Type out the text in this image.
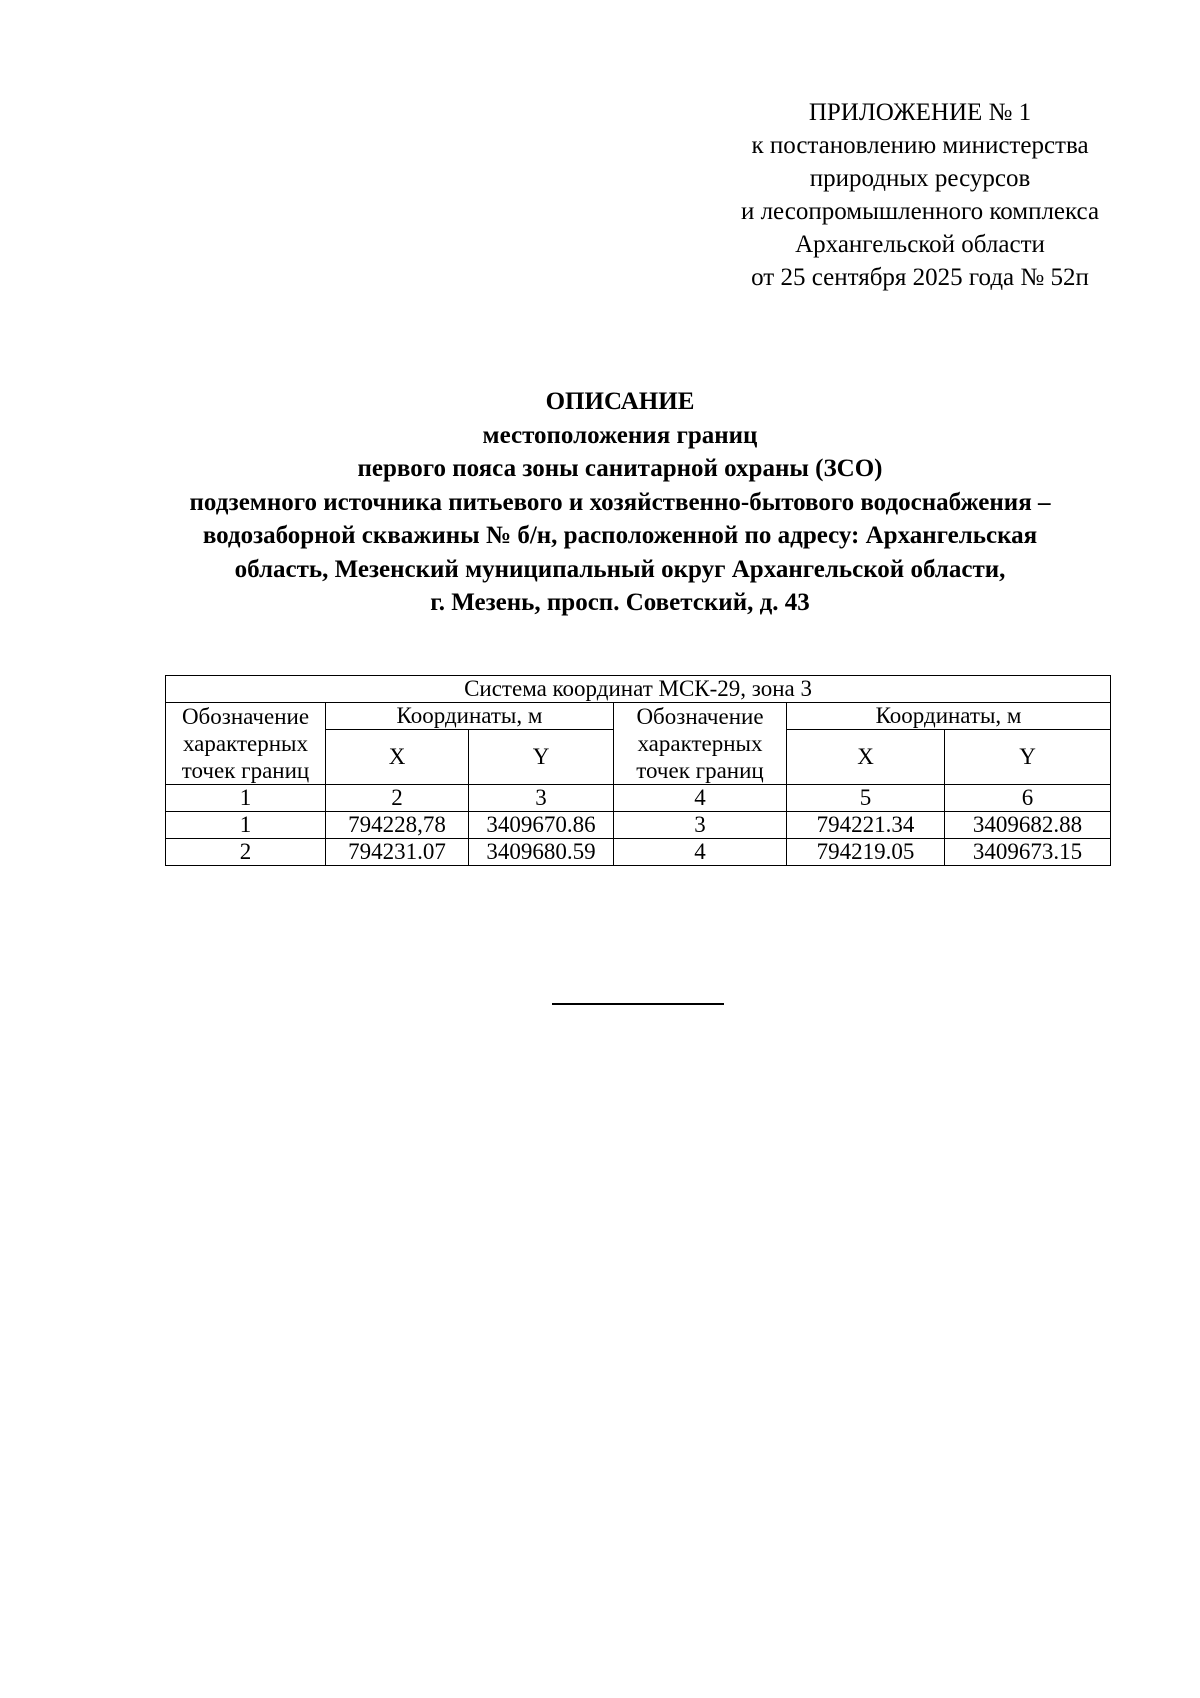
ПРИЛОЖЕНИЕ № 1
к постановлению министерства
природных ресурсов
и лесопромышленного комплекса
Архангельской области
от 25 сентября 2025 года № 52п
ОПИСАНИЕ
местоположения границ
первого пояса зоны санитарной охраны (ЗСО)
подземного источника питьевого и хозяйственно-бытового водоснабжения –
водозаборной скважины № б/н, расположенной по адресу: Архангельская
область, Мезенский муниципальный округ Архангельской области,
г. Мезень, просп. Советский, д. 43
Система координат МСК-29, зона 3					
Обозначение характерных точек границ	Координаты, м		Обозначение характерных точек границ	Координаты, м	
	X	Y		X	Y
1	2	3	4	5	6
1	794228,78	3409670.86	3	794221.34	3409682.88
2	794231.07	3409680.59	4	794219.05	3409673.15
